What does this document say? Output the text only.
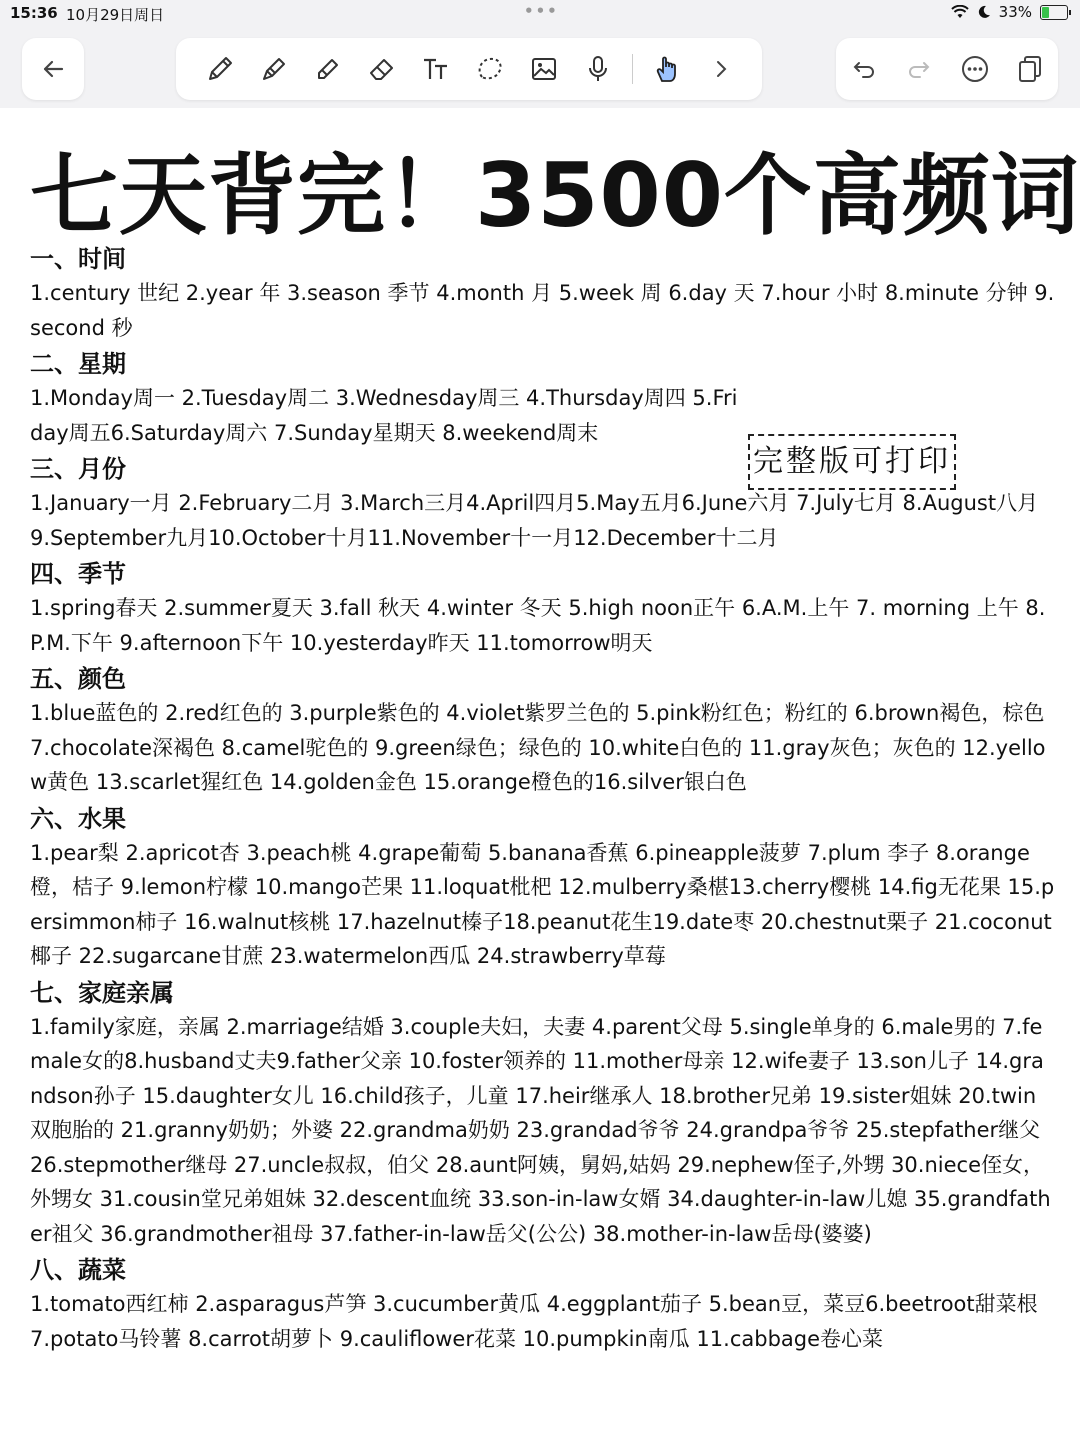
15:36 10月29日周日	•••	33%
七天背完！3500个高频词
完整版可打印
一、时间
1.century 世纪 2.year 年 3.season 季节 4.month 月 5.week 周 6.day 天 7.hour 小时 8.minute 分钟 9.second 秒
二、星期
1.Monday周一 2.Tuesday周二 3.Wednesday周三 4.Thursday周四 5.Friday周五6.Saturday周六 7.Sunday星期天 8.weekend周末
三、月份
1.January一月 2.February二月 3.March三月4.April四月5.May五月6.June六月 7.July七月 8.August八月9.September九月10.October十月11.November十一月12.December十二月
四、季节
1.spring春天 2.summer夏天 3.fall 秋天 4.winter 冬天 5.high noon正午 6.A.M.上午 7. morning 上午 8.P.M.下午 9.afternoon下午 10.yesterday昨天 11.tomorrow明天
五、颜色
1.blue蓝色的 2.red红色的 3.purple紫色的 4.violet紫罗兰色的 5.pink粉红色；粉红的 6.brown褐色，棕色 7.chocolate深褐色 8.camel驼色的 9.green绿色；绿色的 10.white白色的 11.gray灰色；灰色的 12.yellow黄色 13.scarlet猩红色 14.golden金色 15.orange橙色的16.silver银白色
六、水果
1.pear梨 2.apricot杏 3.peach桃 4.grape葡萄 5.banana香蕉 6.pineapple菠萝 7.plum 李子 8.orange橙，桔子 9.lemon柠檬 10.mango芒果 11.loquat枇杷 12.mulberry桑椹13.cherry樱桃 14.fig无花果 15.persimmon柿子 16.walnut核桃 17.hazelnut榛子18.peanut花生19.date枣 20.chestnut栗子 21.coconut椰子 22.sugarcane甘蔗 23.watermelon西瓜 24.strawberry草莓
七、家庭亲属
1.family家庭，亲属 2.marriage结婚 3.couple夫妇，夫妻 4.parent父母 5.single单身的 6.male男的 7.female女的8.husband丈夫9.father父亲 10.foster领养的 11.mother母亲 12.wife妻子 13.son儿子 14.grandson孙子 15.daughter女儿 16.child孩子，儿童 17.heir继承人 18.brother兄弟 19.sister姐妹 20.twin双胞胎的 21.granny奶奶；外婆 22.grandma奶奶 23.grandad爷爷 24.grandpa爷爷 25.stepfather继父 26.stepmother继母 27.uncle叔叔，伯父 28.aunt阿姨，舅妈,姑妈 29.nephew侄子,外甥 30.niece侄女，外甥女 31.cousin堂兄弟姐妹 32.descent血统 33.son-in-law女婿 34.daughter-in-law儿媳 35.grandfather祖父 36.grandmother祖母 37.father-in-law岳父(公公) 38.mother-in-law岳母(婆婆)
八、蔬菜
1.tomato西红柿 2.asparagus芦笋 3.cucumber黄瓜 4.eggplant茄子 5.bean豆，菜豆6.beetroot甜菜根 7.potato马铃薯 8.carrot胡萝卜 9.cauliflower花菜 10.pumpkin南瓜 11.cabbage卷心菜
